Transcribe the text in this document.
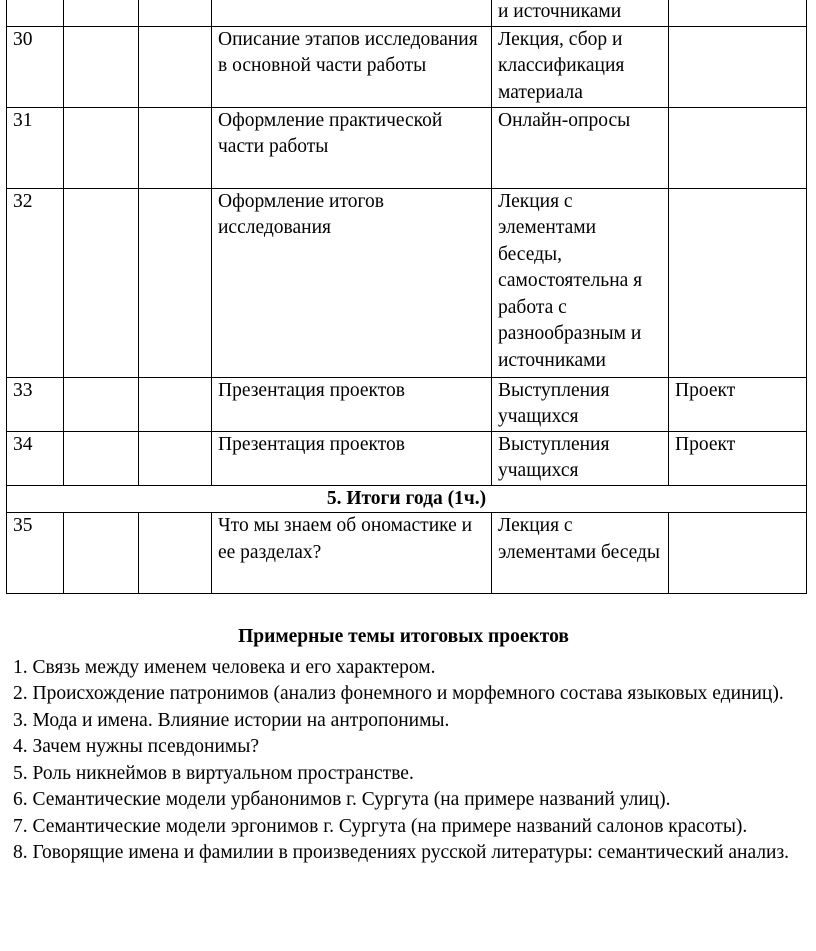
				и источниками	
30			Описание этапов исследования в основной части работы	Лекция, сбор и классификация материала	
31			Оформление практической части работы	Онлайн-опросы	
32			Оформление итогов исследования	Лекция с элементами беседы, самостоятельна я работа с разнообразным и источниками	
33			Презентация проектов	Выступления учащихся	Проект
34			Презентация проектов	Выступления учащихся	Проект
5. Итоги года (1ч.)					
35			Что мы знаем об ономастике и ее разделах?	Лекция с элементами беседы	
Примерные темы итоговых проектов

1. Связь между именем человека и его характером.

2. Происхождение патронимов (анализ фонемного и морфемного состава языковых единиц).

3. Мода и имена. Влияние истории на антропонимы.

4. Зачем нужны псевдонимы?

5. Роль никнеймов в виртуальном пространстве.

6. Семантические модели урбанонимов г. Сургута (на примере названий улиц).

7. Семантические модели эргонимов г. Сургута (на примере названий салонов красоты).

8. Говорящие имена и фамилии в произведениях русской литературы: семантический анализ.
